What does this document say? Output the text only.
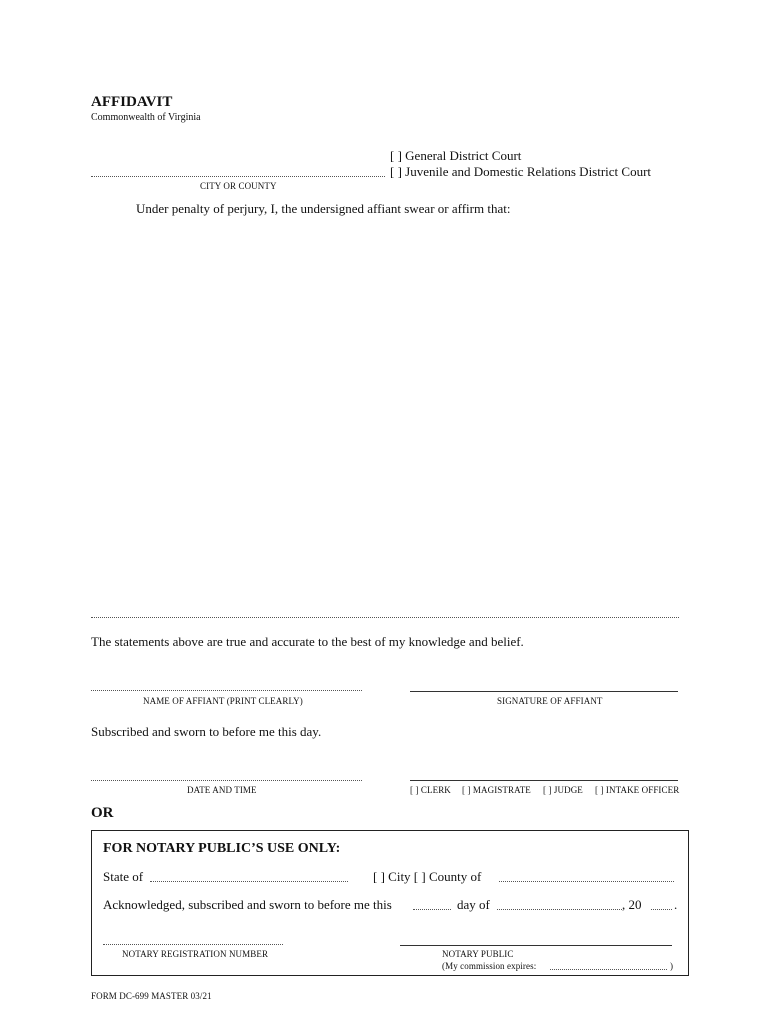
AFFIDAVIT
Commonwealth of Virginia
[ ] General District Court
[ ] Juvenile and Domestic Relations District Court
CITY OR COUNTY
Under penalty of perjury, I, the undersigned affiant swear or affirm that:
The statements above are true and accurate to the best of my knowledge and belief.
NAME OF AFFIANT (PRINT CLEARLY)	SIGNATURE OF AFFIANT
Subscribed and sworn to before me this day.
DATE AND TIME	[ ] CLERK [ ] MAGISTRATE [ ] JUDGE [ ] INTAKE OFFICER
OR
FOR NOTARY PUBLIC’S USE ONLY:
State of	[ ] City [ ] County of
Acknowledged, subscribed and sworn to before me this	day of	, 20	.
NOTARY REGISTRATION NUMBER	NOTARY PUBLIC
(My commission expires:	)
FORM DC-699 MASTER 03/21
